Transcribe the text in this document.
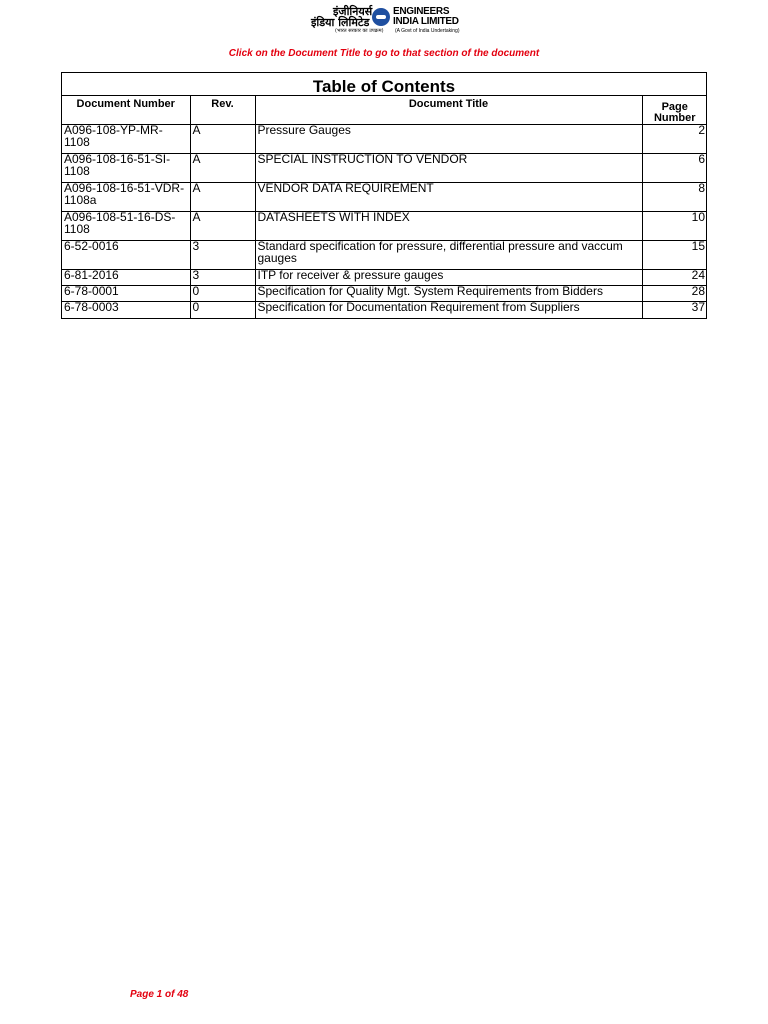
इंजीनियर्स
इंडिया लिमिटेड
(भारत सरकार का उपक्रम)
ENGINEERS
INDIA LIMITED
(A Govt of India Undertaking)
Click on the Document Title to go to that section of the document
Table of Contents
Document Number	Rev.	Document Title	Page Number
A096-108-YP-MR-1108	A	Pressure Gauges	2
A096-108-16-51-SI-1108	A	SPECIAL INSTRUCTION TO VENDOR	6
A096-108-16-51-VDR-1108a	A	VENDOR DATA REQUIREMENT	8
A096-108-51-16-DS-1108	A	DATASHEETS WITH INDEX	10
6-52-0016	3	Standard specification for pressure, differential pressure and vaccum gauges	15
6-81-2016	3	ITP for receiver & pressure gauges	24
6-78-0001	0	Specification for Quality Mgt. System Requirements from Bidders	28
6-78-0003	0	Specification for Documentation Requirement from Suppliers	37
Page 1 of 48
